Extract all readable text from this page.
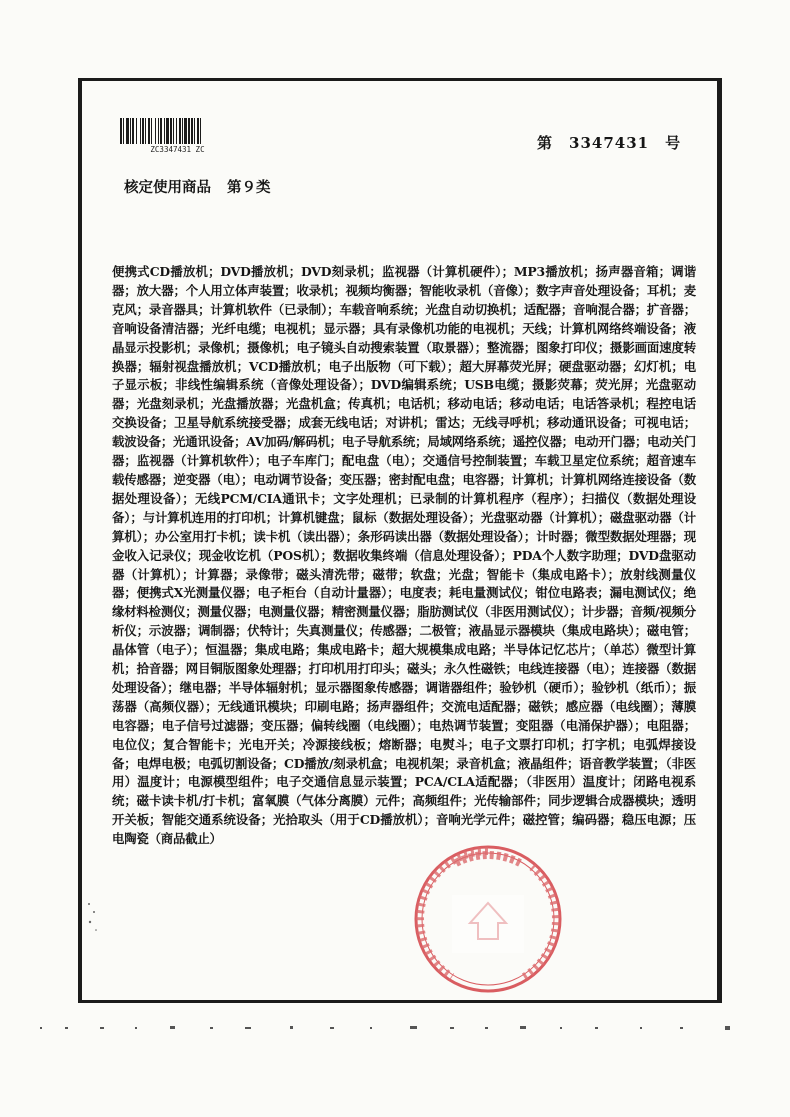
ZC3347431 ZC	第 3347431 号
核定使用商品 第９类
便携式CD播放机；DVD播放机；DVD刻录机；监视器（计算机硬件）；MP3播放机；扬声器音箱；调谐器；放大器；个人用立体声装置；收录机；视频均衡器；智能收录机（音像）；数字声音处理设备；耳机；麦克风；录音器具；计算机软件（已录制）；车载音响系统；光盘自动切换机；适配器；音响混合器；扩音器；音响设备清洁器；光纤电缆；电视机；显示器；具有录像机功能的电视机；天线；计算机网络终端设备；液晶显示投影机；录像机；摄像机；电子镜头自动搜索装置（取景器）；整流器；图象打印仪；摄影画面速度转换器；辐射视盘播放机；VCD播放机；电子出版物（可下载）；超大屏幕荧光屏；硬盘驱动器；幻灯机；电子显示板；非线性编辑系统（音像处理设备）；DVD编辑系统；USB电缆；摄影荧幕；荧光屏；光盘驱动器；光盘刻录机；光盘播放器；光盘机盒；传真机；电话机；移动电话；移动电话；电话答录机；程控电话交换设备；卫星导航系统接受器；成套无线电话；对讲机；雷达；无线寻呼机；移动通讯设备；可视电话；载波设备；光通讯设备；AV加码/解码机；电子导航系统；局域网络系统；遥控仪器；电动开门器；电动关门器；监视器（计算机软件）；电子车库门；配电盘（电）；交通信号控制装置；车载卫星定位系统；超音速车载传感器；逆变器（电）；电动调节设备；变压器；密封配电盘；电容器；计算机；计算机网络连接设备（数据处理设备）；无线PCM/CIA通讯卡；文字处理机；已录制的计算机程序（程序）；扫描仪（数据处理设备）；与计算机连用的打印机；计算机键盘；鼠标（数据处理设备）；光盘驱动器（计算机）；磁盘驱动器（计算机）；办公室用打卡机；读卡机（读出器）；条形码读出器（数据处理设备）；计时器；微型数据处理器；现金收入记录仪；现金收讫机（POS机）；数据收集终端（信息处理设备）；PDA个人数字助理；DVD盘驱动器（计算机）；计算器；录像带；磁头清洗带；磁带；软盘；光盘；智能卡（集成电路卡）；放射线测量仪器；便携式X光测量仪器；电子柜台（自动计量器）；电度表；耗电量测试仪；钳位电路表；漏电测试仪；绝缘材料检测仪；测量仪器；电测量仪器；精密测量仪器；脂肪测试仪（非医用测试仪）；计步器；音频/视频分析仪；示波器；调制器；伏特计；失真测量仪；传感器；二极管；液晶显示器模块（集成电路块）；磁电管；晶体管（电子）；恒温器；集成电路；集成电路卡；超大规模集成电路；半导体记忆芯片；（单芯）微型计算机；拾音器；网目铜版图象处理器；打印机用打印头；磁头；永久性磁铁；电线连接器（电）；连接器（数据处理设备）；继电器；半导体辐射机；显示器图象传感器；调谐器组件；验钞机（硬币）；验钞机（纸币）；振荡器（高频仪器）；无线通讯模块；印刷电路；扬声器组件；交流电适配器；磁铁；感应器（电线圈）；薄膜电容器；电子信号过滤器；变压器；偏转线圈（电线圈）；电热调节装置；变阻器（电涌保护器）；电阻器；电位仪；复合智能卡；光电开关；冷源接线板；熔断器；电熨斗；电子文票打印机；打字机；电弧焊接设备；电焊电极；电弧切割设备；CD播放/刻录机盒；电视机架；录音机盒；液晶组件；语音教学装置；（非医用）温度计；电源模型组件；电子交通信息显示装置；PCA/CLA适配器；（非医用）温度计；闭路电视系统；磁卡读卡机/打卡机；富氧膜（气体分离膜）元件；高频组件；光传输部件；同步逻辑合成器模块；透明开关板；智能交通系统设备；光拾取头（用于CD播放机）；音响光学元件；磁控管；编码器；稳压电源；压电陶瓷（商品截止）
